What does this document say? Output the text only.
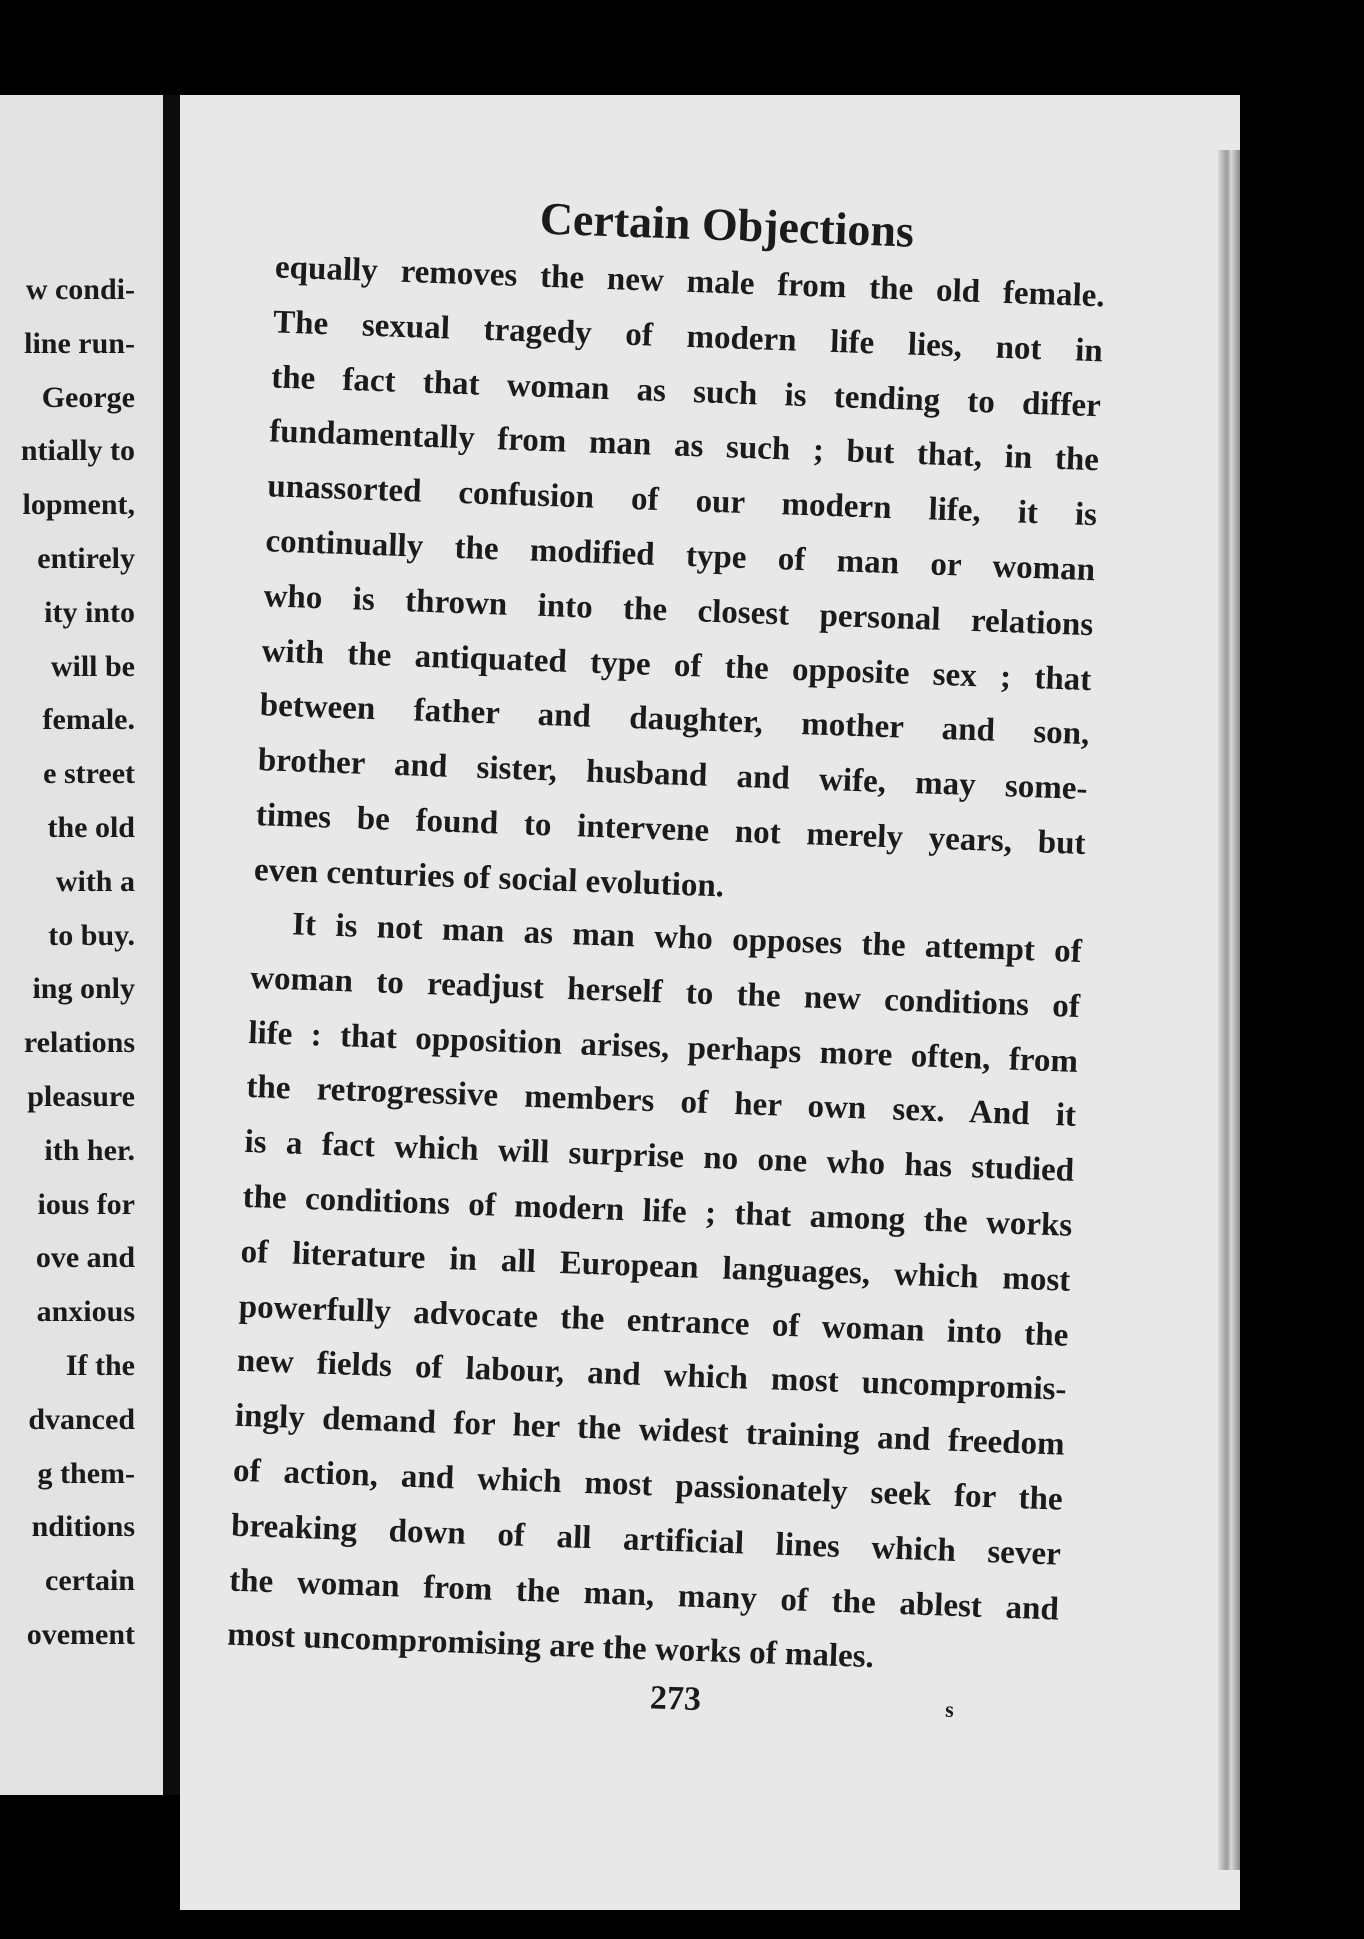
w condi-
line run-
George
ntially to
lopment,
entirely
ity into
will be
female.
e street
the old
with a
to buy.
ing only
relations
pleasure
ith her.
ious for
ove and
anxious
If the
dvanced
g them-
nditions
certain
ovement
Certain Objections
equally removes the new male from the old female.
The sexual tragedy of modern life lies, not in
the fact that woman as such is tending to differ
fundamentally from man as such ; but that, in the
unassorted confusion of our modern life, it is
continually the modified type of man or woman
who is thrown into the closest personal relations
with the antiquated type of the opposite sex ; that
between father and daughter, mother and son,
brother and sister, husband and wife, may some-
times be found to intervene not merely years, but
even centuries of social evolution.
It is not man as man who opposes the attempt of
woman to readjust herself to the new conditions of
life : that opposition arises, perhaps more often, from
the retrogressive members of her own sex. And it
is a fact which will surprise no one who has studied
the conditions of modern life ; that among the works
of literature in all European languages, which most
powerfully advocate the entrance of woman into the
new fields of labour, and which most uncompromis-
ingly demand for her the widest training and freedom
of action, and which most passionately seek for the
breaking down of all artificial lines which sever
the woman from the man, many of the ablest and
most uncompromising are the works of males.
273	s
